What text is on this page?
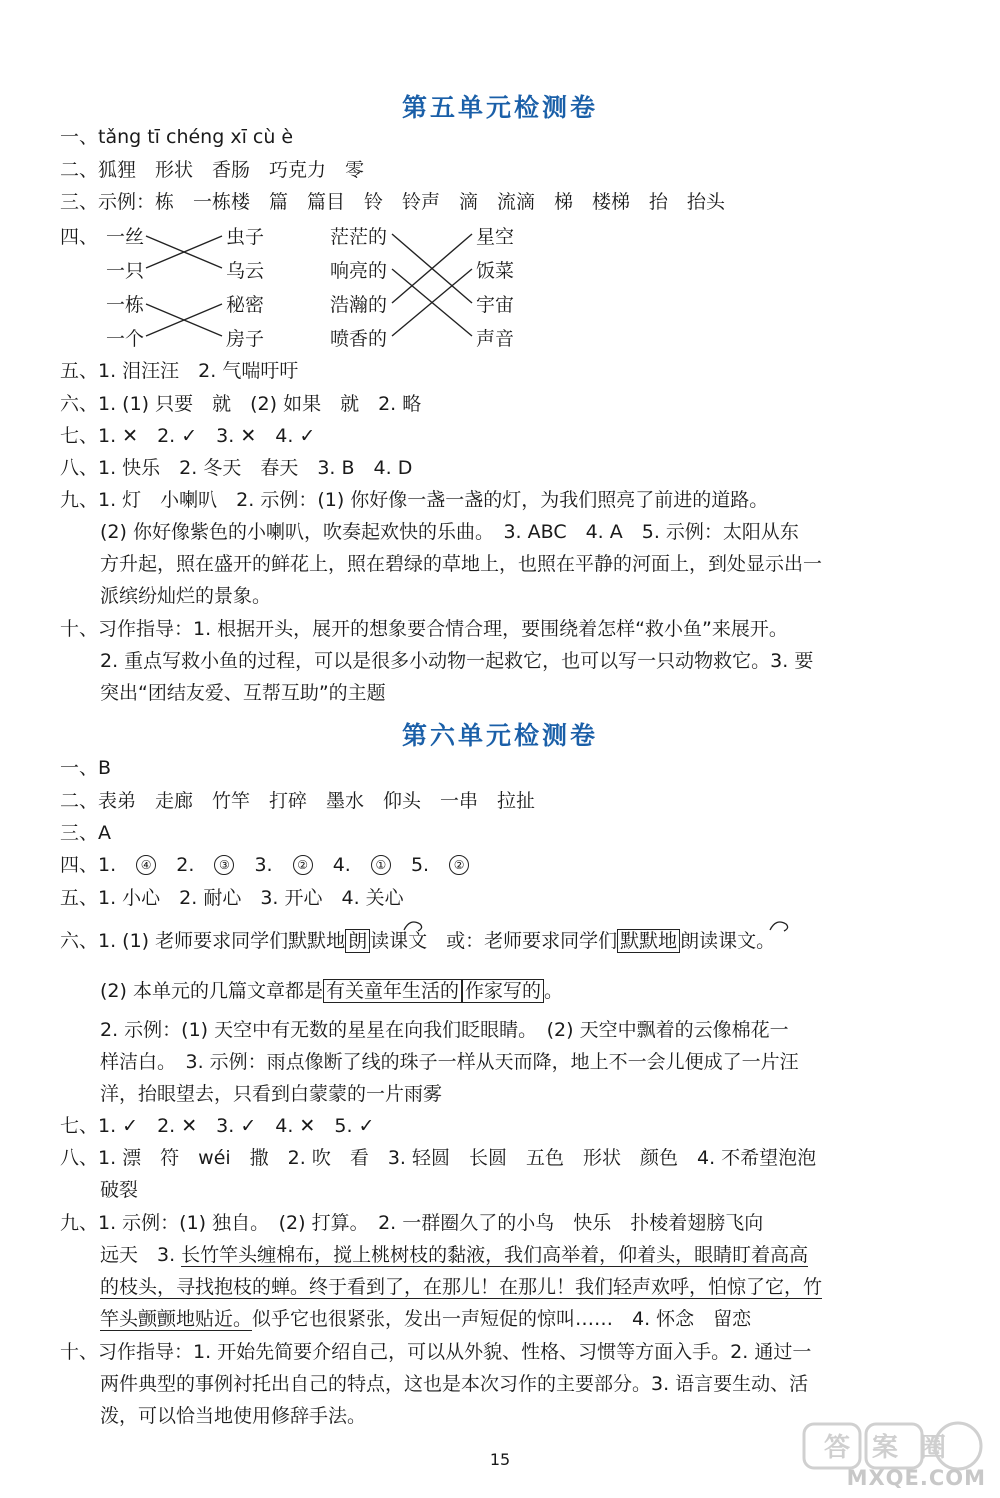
第五单元检测卷
一、tǎng tī chéng xī cù è
二、狐狸　形状　香肠　巧克力　零
三、示例：栋　一栋楼　篇　篇目　铃　铃声　滴　流滴　梯　楼梯　抬　抬头
四、 一丝
一只
一栋
一个
虫子
乌云
秘密
房子
茫茫的
响亮的
浩瀚的
喷香的
星空
饭菜
宇宙
声音
五、1. 泪汪汪　2. 气喘吁吁
六、1. (1) 只要　就　(2) 如果　就　2. 略
七、1. ✕　2. ✓　3. ✕　4. ✓
八、1. 快乐　2. 冬天　春天　3. B　4. D
九、1. 灯　小喇叭　2. 示例：(1) 你好像一盏一盏的灯，为我们照亮了前进的道路。
(2) 你好像紫色的小喇叭，吹奏起欢快的乐曲。　3. ABC　4. A　5. 示例：太阳从东
方升起，照在盛开的鲜花上，照在碧绿的草地上，也照在平静的河面上，到处显示出一
派缤纷灿烂的景象。
十、习作指导：1. 根据开头，展开的想象要合情合理，要围绕着怎样“救小鱼”来展开。
2. 重点写救小鱼的过程，可以是很多小动物一起救它，也可以写一只动物救它。3. 要
突出“团结友爱、互帮互助”的主题
第六单元检测卷
一、B
二、表弟　走廊　竹竿　打碎　墨水　仰头　一串　拉扯
三、A
四、1. ④ 2. ③ 3. ② 4. ① 5. ②
五、1. 小心　2. 耐心　3. 开心　4. 关心
六、1. (1) 老师要求同学们默默地 朗 读课文　或：老师要求同学们 默默地 朗读课文。
(2) 本单元的几篇文章都是 有关童年生活的 作家写的 。
2. 示例：(1) 天空中有无数的星星在向我们眨眼睛。　(2) 天空中飘着的云像棉花一
样洁白。　3. 示例：雨点像断了线的珠子一样从天而降，地上不一会儿便成了一片汪
洋，抬眼望去，只看到白蒙蒙的一片雨雾
七、1. ✓　2. ✕　3. ✓　4. ✕　5. ✓
八、1. 漂　符　wéi　撒　2. 吹　看　3. 轻圆　长圆　五色　形状　颜色　4. 不希望泡泡
破裂
九、1. 示例：(1) 独自。　(2) 打算。　2. 一群圈久了的小鸟　快乐　扑棱着翅膀飞向
远天　3. 长竹竿头缠棉布，搅上桃树枝的黏液，我们高举着，仰着头，眼睛盯着高高
的枝头，寻找抱枝的蝉。终于看到了，在那儿！在那儿！我们轻声欢呼，怕惊了它，竹
竿头颤颤地贴近。似乎它也很紧张，发出一声短促的惊叫……　4. 怀念　留恋
十、习作指导：1. 开始先简要介绍自己，可以从外貌、性格、习惯等方面入手。2. 通过一
两件典型的事例衬托出自己的特点，这也是本次习作的主要部分。3. 语言要生动、活
泼，可以恰当地使用修辞手法。
15	答案圈
MXQE.COM
